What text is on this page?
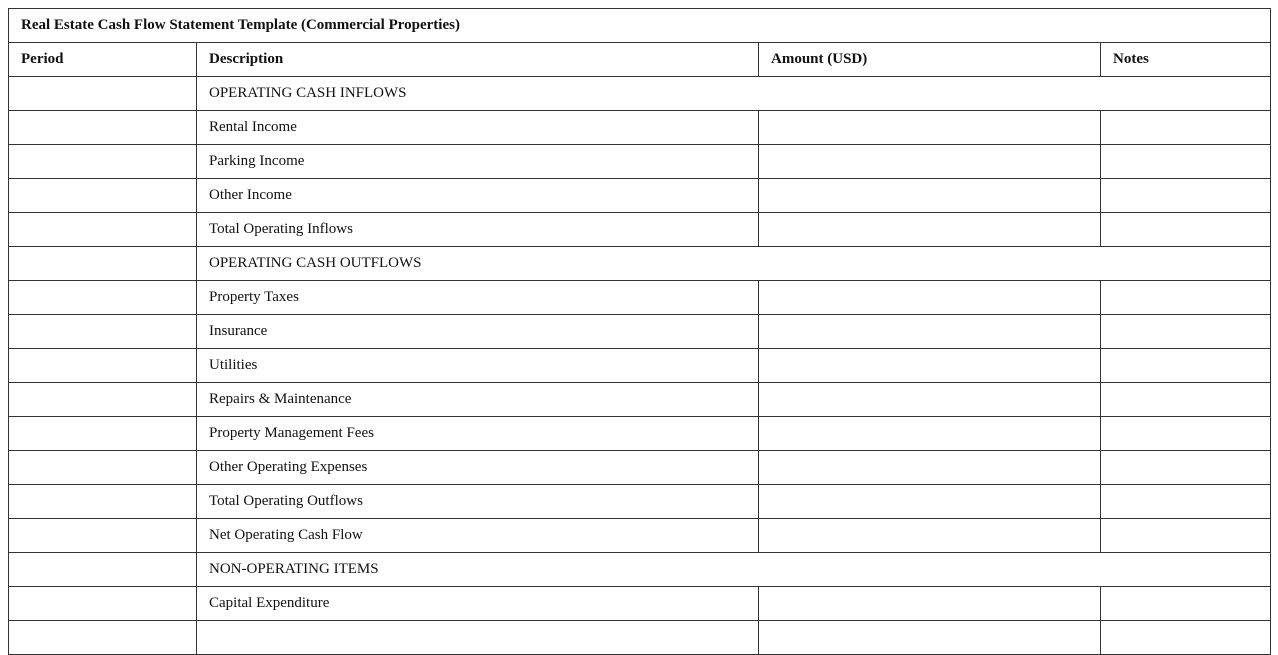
Real Estate Cash Flow Statement Template (Commercial Properties)			
Period	Description	Amount (USD)	Notes
	OPERATING CASH INFLOWS		
	Rental Income		
	Parking Income		
	Other Income		
	Total Operating Inflows		
	OPERATING CASH OUTFLOWS		
	Property Taxes		
	Insurance		
	Utilities		
	Repairs & Maintenance		
	Property Management Fees		
	Other Operating Expenses		
	Total Operating Outflows		
	Net Operating Cash Flow		
	NON-OPERATING ITEMS		
	Capital Expenditure		
